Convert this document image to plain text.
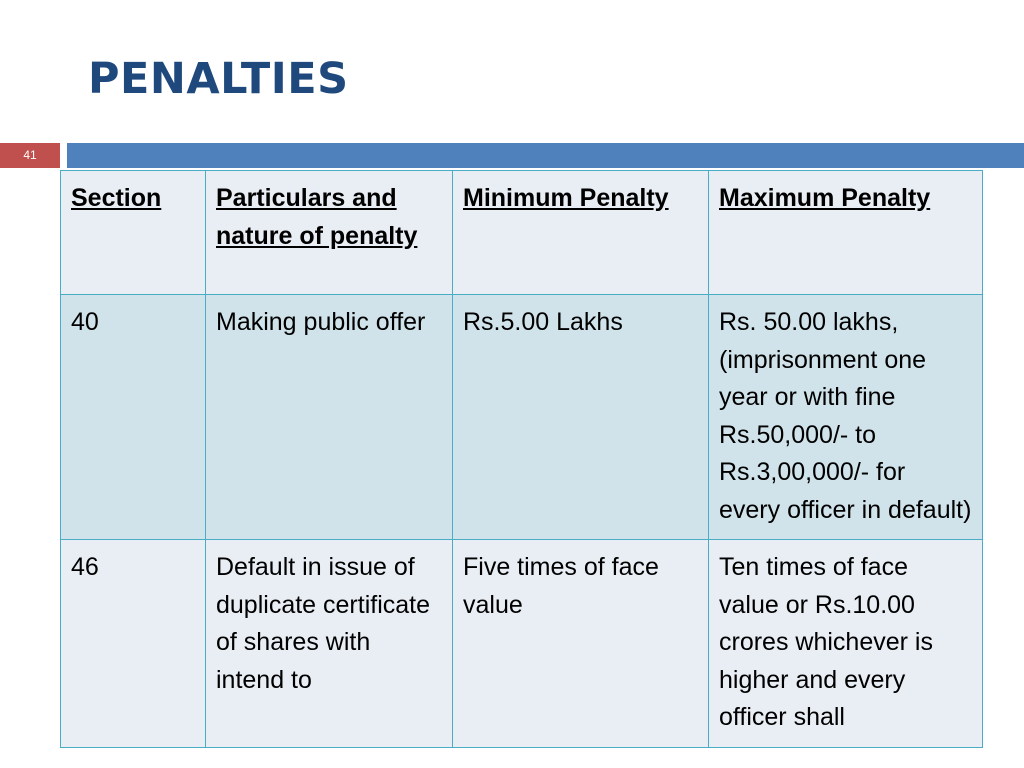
PENALTIES
41
Section	Particulars and nature of penalty	Minimum Penalty	Maximum Penalty
40	Making public offer	Rs.5.00 Lakhs	Rs. 50.00 lakhs, (imprisonment one year or with fine Rs.50,000/- to Rs.3,00,000/- for every officer in default)
46	Default in issue of duplicate certificate of shares with intend to	Five times of face value	Ten times of face value or Rs.10.00 crores whichever is higher and every officer shall
